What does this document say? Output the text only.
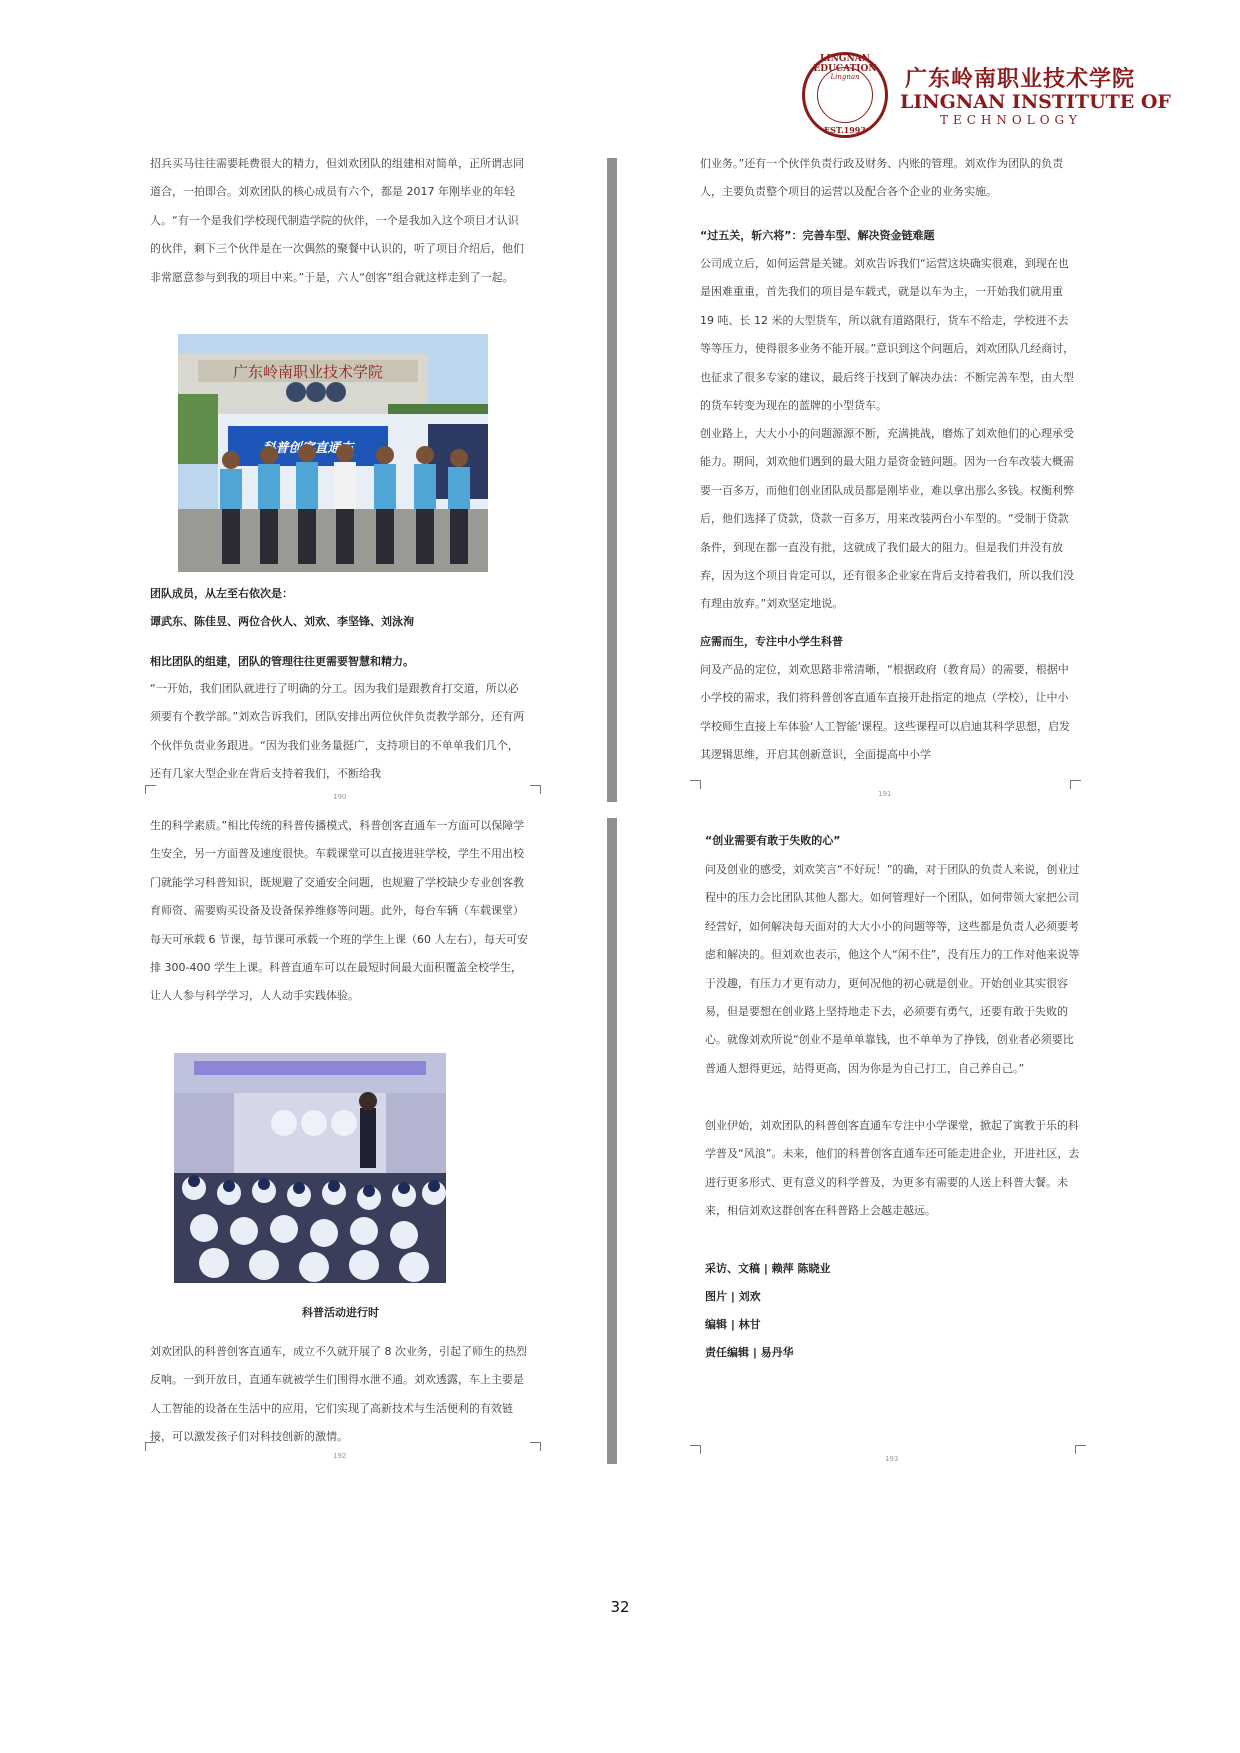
LINGNAN EDUCATION
Lingnan
EST.1993
广东岭南职业技术学院
LINGNAN INSTITUTE OF
TECHNOLOGY
招兵买马往往需要耗费很大的精力，但刘欢团队的组建相对简单，正所谓志同道合，一拍即合。刘欢团队的核心成员有六个，都是 2017 年刚毕业的年轻人。“有一个是我们学校现代制造学院的伙伴，一个是我加入这个项目才认识的伙伴，剩下三个伙伴是在一次偶然的聚餐中认识的，听了项目介绍后，他们非常愿意参与到我的项目中来。”于是，六人“创客”组合就这样走到了一起。
广东岭南职业技术学院
团队成员，从左至右依次是：
谭武东、陈佳昱、两位合伙人、刘欢、李坚锋、刘泳洵
相比团队的组建，团队的管理往往更需要智慧和精力。
“一开始，我们团队就进行了明确的分工。因为我们是跟教育打交道，所以必须要有个教学部。”刘欢告诉我们，团队安排出两位伙伴负责教学部分，还有两个伙伴负责业务跟进。“因为我们业务量挺广，支持项目的不单单我们几个，还有几家大型企业在背后支持着我们，不断给我
190
们业务。”还有一个伙伴负责行政及财务、内账的管理。刘欢作为团队的负责人，主要负责整个项目的运营以及配合各个企业的业务实施。
“过五关，斩六将”：完善车型、解决资金链难题
公司成立后，如何运营是关键。刘欢告诉我们“运营这块确实很难，到现在也是困难重重，首先我们的项目是车载式，就是以车为主，一开始我们就用重 19 吨、长 12 米的大型货车，所以就有道路限行，货车不给走，学校进不去等等压力，使得很多业务不能开展。”意识到这个问题后，刘欢团队几经商讨，也征求了很多专家的建议，最后终于找到了解决办法：不断完善车型，由大型的货车转变为现在的蓝牌的小型货车。
创业路上，大大小小的问题源源不断，充满挑战，磨炼了刘欢他们的心理承受能力。期间，刘欢他们遇到的最大阻力是资金链问题。因为一台车改装大概需要一百多万，而他们创业团队成员都是刚毕业，难以拿出那么多钱。权衡利弊后，他们选择了贷款，贷款一百多万，用来改装两台小车型的。“受制于贷款条件，到现在都一直没有批，这就成了我们最大的阻力。但是我们并没有放弃，因为这个项目肯定可以，还有很多企业家在背后支持着我们，所以我们没有理由放弃。”刘欢坚定地说。
应需而生，专注中小学生科普
问及产品的定位，刘欢思路非常清晰，“根据政府（教育局）的需要，根据中小学校的需求，我们将科普创客直通车直接开赴指定的地点（学校），让中小学校师生直接上车体验‘人工智能’课程。这些课程可以启迪其科学思想，启发其逻辑思维，开启其创新意识，全面提高中小学
191
生的科学素质。”相比传统的科普传播模式，科普创客直通车一方面可以保障学生安全，另一方面普及速度很快。车载课堂可以直接进驻学校，学生不用出校门就能学习科普知识，既规避了交通安全问题，也规避了学校缺少专业创客教育师资、需要购买设备及设备保养维修等问题。此外，每台车辆（车载课堂）每天可承载 6 节课，每节课可承载一个班的学生上课（60 人左右），每天可安排 300-400 学生上课。科普直通车可以在最短时间最大面积覆盖全校学生，让人人参与科学学习，人人动手实践体验。
科普活动进行时
刘欢团队的科普创客直通车，成立不久就开展了 8 次业务，引起了师生的热烈反响。一到开放日，直通车就被学生们围得水泄不通。刘欢透露，车上主要是人工智能的设备在生活中的应用，它们实现了高新技术与生活便利的有效链接，可以激发孩子们对科技创新的激情。
192
“创业需要有敢于失败的心”
问及创业的感受，刘欢笑言“不好玩！”的确，对于团队的负责人来说，创业过程中的压力会比团队其他人都大。如何管理好一个团队，如何带领大家把公司经营好，如何解决每天面对的大大小小的问题等等，这些都是负责人必须要考虑和解决的。但刘欢也表示，他这个人“闲不住”，没有压力的工作对他来说等于没趣，有压力才更有动力，更何况他的初心就是创业。开始创业其实很容易，但是要想在创业路上坚持地走下去，必须要有勇气，还要有敢于失败的心。就像刘欢所说“创业不是单单靠钱，也不单单为了挣钱，创业者必须要比普通人想得更远，站得更高，因为你是为自己打工，自己养自己。”
创业伊始，刘欢团队的科普创客直通车专注中小学课堂，掀起了寓教于乐的科学普及“风浪”。未来，他们的科普创客直通车还可能走进企业，开进社区，去进行更多形式、更有意义的科学普及，为更多有需要的人送上科普大餐。未来，相信刘欢这群创客在科普路上会越走越远。
采访、文稿 | 赖萍 陈晓业
图片 | 刘欢
编辑 | 林甘
责任编辑 | 易丹华
193
32
